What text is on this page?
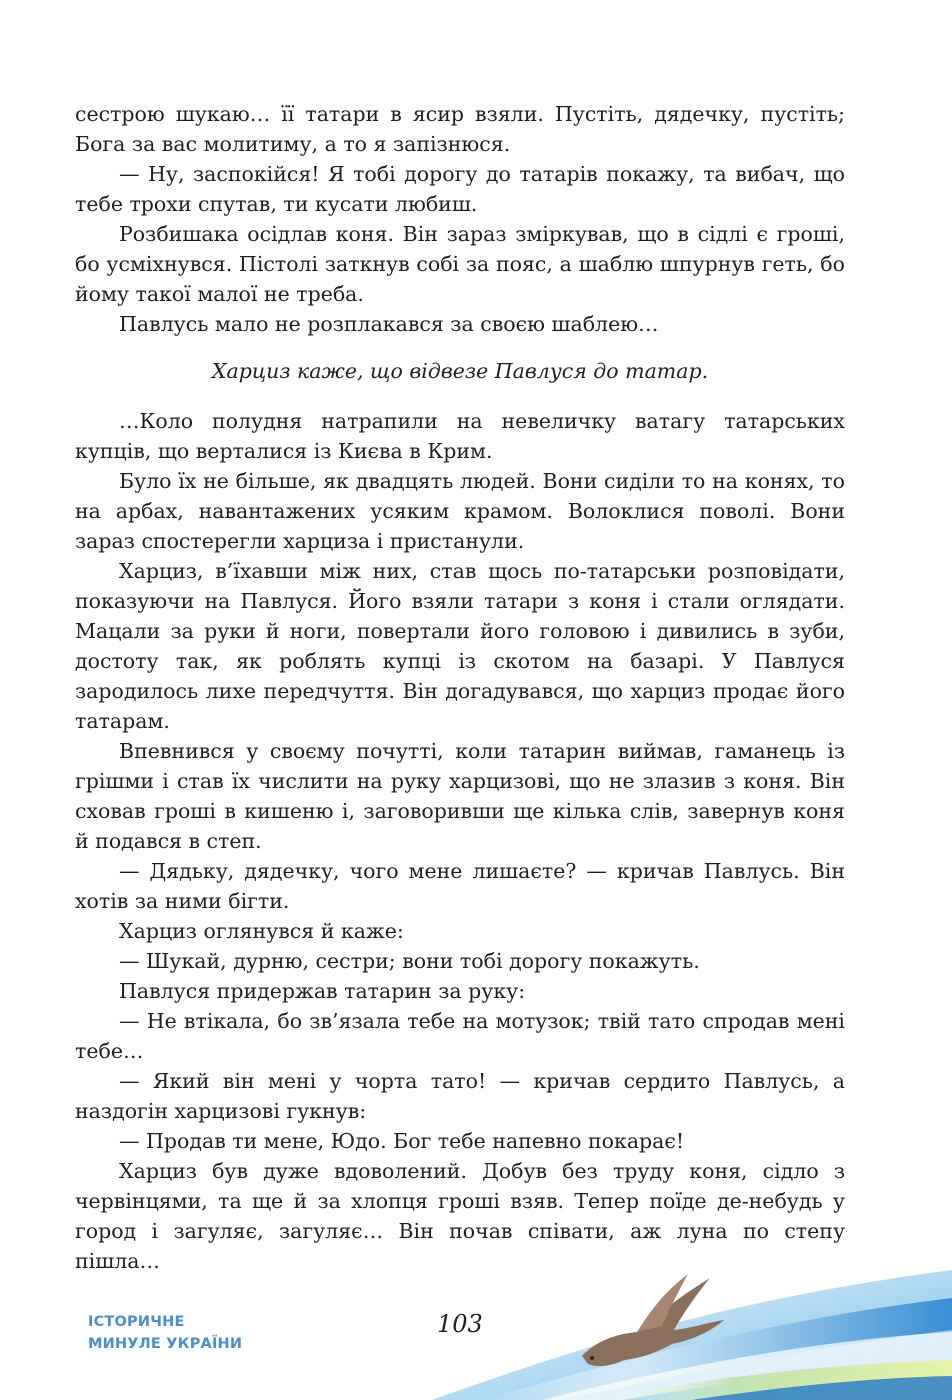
сестрою шукаю… її татари в ясир взяли. Пустіть, дядечку, пустіть; Бога за вас молитиму, а то я запізнюся.

— Ну, заспокійся! Я тобі дорогу до татарів покажу, та вибач, що тебе трохи спутав, ти кусати любиш.

Розбишака осідлав коня. Він зараз зміркував, що в сідлі є гроші, бо усміхнувся. Пістолі заткнув собі за пояс, а шаблю шпурнув геть, бо йому такої малої не треба.

Павлусь мало не розплакався за своєю шаблею…

Харциз каже, що відвезе Павлуся до татар.

…Коло полудня натрапили на невеличку ватагу татарських купців, що верталися із Києва в Крим.

Було їх не більше, як двадцять людей. Вони сиділи то на конях, то на арбах, навантажених усяким крамом. Волоклися поволі. Вони зараз спостерегли харциза і пристанули.

Харциз, в’їхавши між них, став щось по-татарськи розповідати, показуючи на Павлуся. Його взяли татари з коня і стали оглядати. Мацали за руки й ноги, повертали його головою і дивились в зуби, достоту так, як роблять купці із скотом на базарі. У Павлуся зародилось лихе передчуття. Він догадувався, що харциз продає його татарам.

Впевнився у своєму почутті, коли татарин виймав, гаманець із грішми і став їх числити на руку харцизові, що не злазив з коня. Він сховав гроші в кишеню і, заговоривши ще кілька слів, завернув коня й подався в степ.

— Дядьку, дядечку, чого мене лишаєте? — кричав Павлусь. Він хотів за ними бігти.

Харциз оглянувся й каже:

— Шукай, дурню, сестри; вони тобі дорогу покажуть.

Павлуся придержав татарин за руку:

— Не втікала, бо зв’язала тебе на мотузок; твій тато спродав мені тебе…

— Який він мені у чорта тато! — кричав сердито Павлусь, а наздогін харцизові гукнув:

— Продав ти мене, Юдо. Бог тебе напевно покарає!

Харциз був дуже вдоволений. Добув без труду коня, сідло з червінцями, та ще й за хлопця гроші взяв. Тепер поїде де-небудь у город і загуляє, загуляє… Він почав співати, аж луна по степу пішла…

ІСТОРИЧНЕ
МИНУЛЕ УКРАЇНИ
103
